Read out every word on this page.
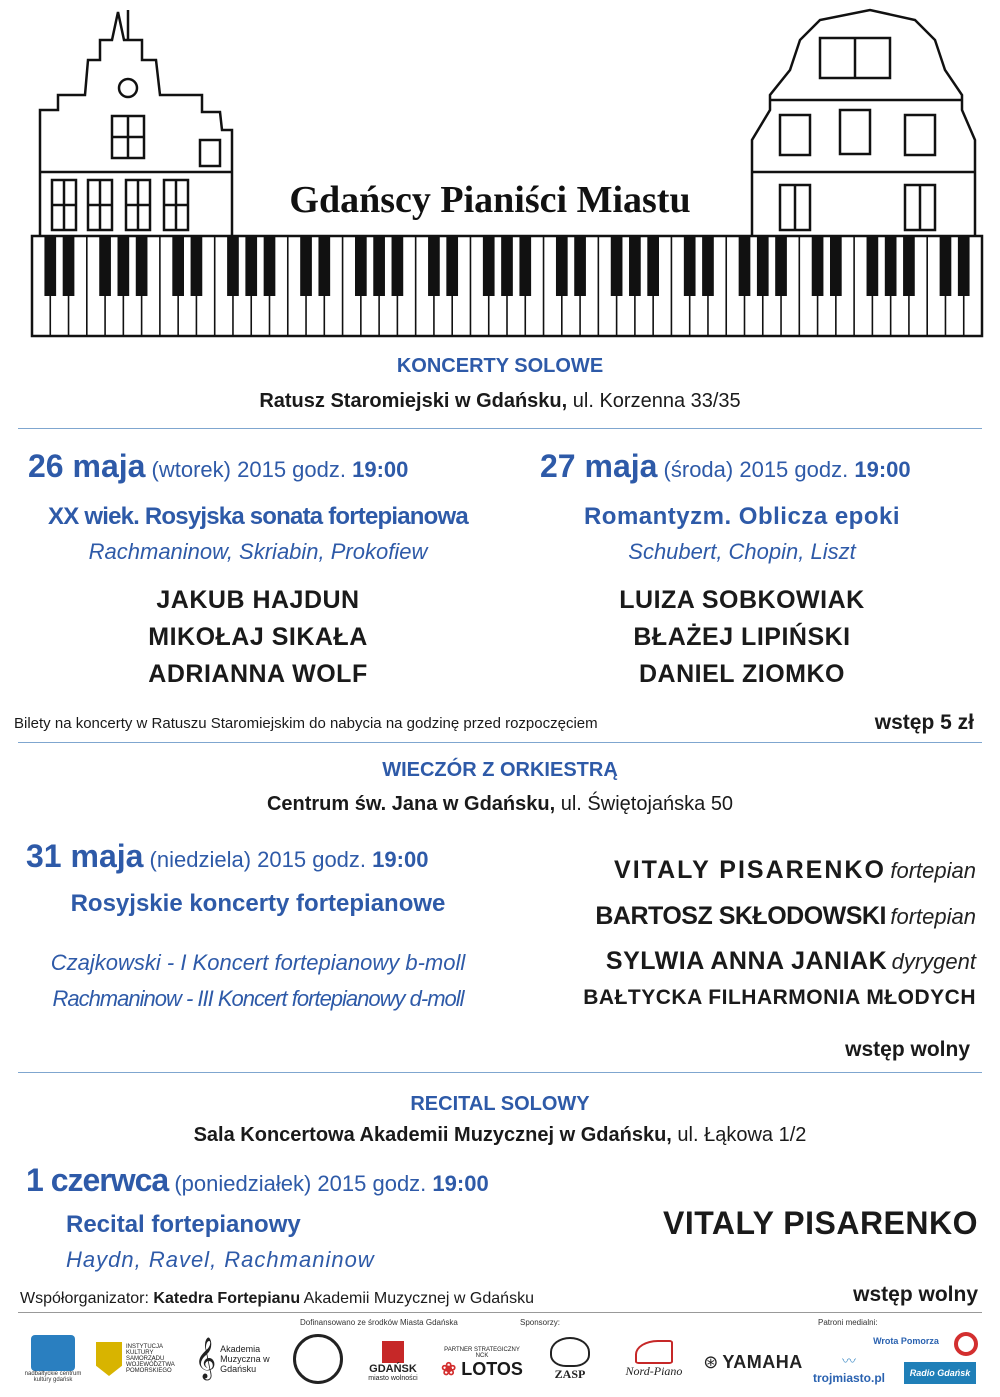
Gdańscy Pianiści Miastu
KONCERTY SOLOWE
Ratusz Staromiejski w Gdańsku, ul. Korzenna 33/35
26 maja (wtorek) 2015 godz. 19:00
XX wiek. Rosyjska sonata fortepianowa
Rachmaninow, Skriabin, Prokofiew
JAKUB HAJDUN
MIKOŁAJ SIKAŁA
ADRIANNA WOLF
27 maja (środa) 2015 godz. 19:00
Romantyzm. Oblicza epoki
Schubert, Chopin, Liszt
LUIZA SOBKOWIAK
BŁAŻEJ LIPIŃSKI
DANIEL ZIOMKO
Bilety na koncerty w Ratuszu Staromiejskim do nabycia na godzinę przed rozpoczęciem	wstęp 5 zł
WIECZÓR Z ORKIESTRĄ
Centrum św. Jana w Gdańsku, ul. Świętojańska 50
31 maja (niedziela) 2015 godz. 19:00
Rosyjskie koncerty fortepianowe
Czajkowski - I Koncert fortepianowy b-moll
Rachmaninow - III Koncert fortepianowy d-moll
VITALY PISARENKO fortepian
BARTOSZ SKŁODOWSKI fortepian
SYLWIA ANNA JANIAK dyrygent
BAŁTYCKA FILHARMONIA MŁODYCH
wstęp wolny
RECITAL SOLOWY
Sala Koncertowa Akademii Muzycznej w Gdańsku, ul. Łąkowa 1/2
1 czerwca (poniedziałek) 2015 godz. 19:00
Recital fortepianowy
Haydn, Ravel, Rachmaninow
VITALY PISARENKO
wstęp wolny
Współorganizator: Katedra Fortepianu Akademii Muzycznej w Gdańsku
Dofinansowano ze środków Miasta Gdańska	Sponsorzy:	Patroni medialni:
nadbałtyckie centrum kultury gdańsk
INSTYTUCJA KULTURY SAMORZĄDU WOJEWÓDZTWA POMORSKIEGO 𝄞 Akademia Muzyczna w Gdańsku	GDAŃSK
miasto wolności
PARTNER STRATEGICZNY NCK
❀ LOTOS	ZASP	Nord-Piano ⊛ YAMAHA	〰
trojmiasto.pl
Wrota Pomorza
Radio Gdańsk
